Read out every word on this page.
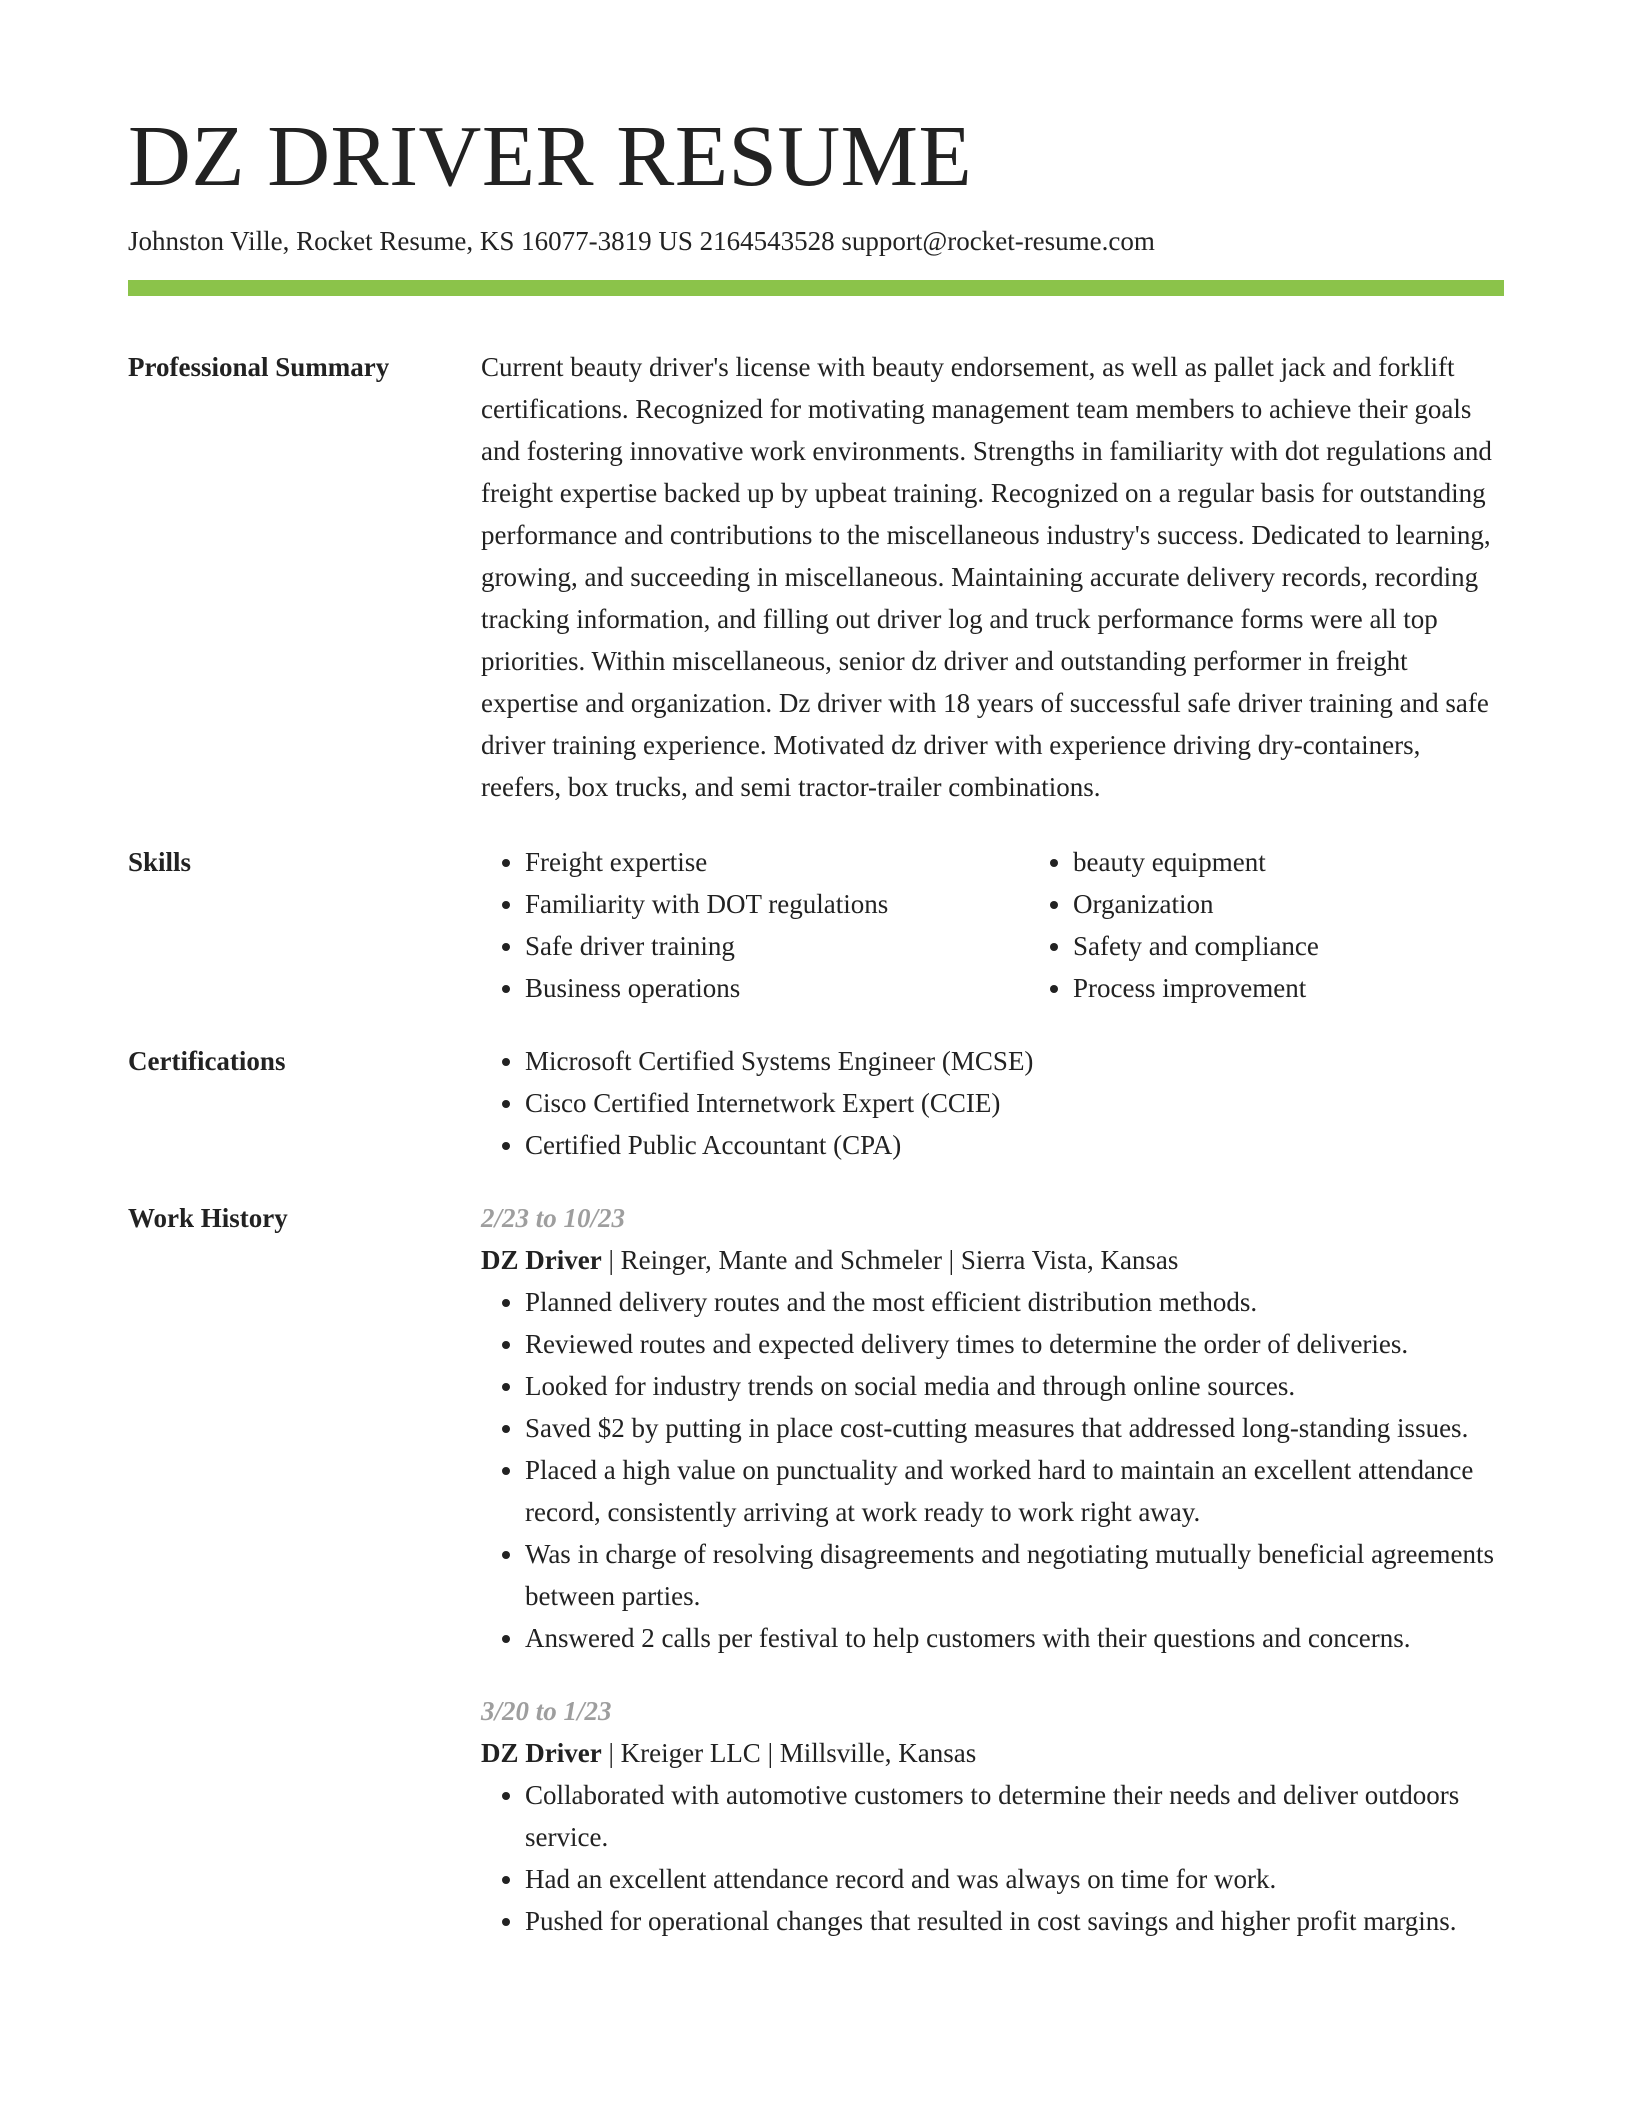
DZ DRIVER RESUME
Johnston Ville, Rocket Resume, KS 16077-3819 US 2164543528 support@rocket-resume.com
Professional Summary	Current beauty driver's license with beauty endorsement, as well as pallet jack and forklift certifications. Recognized for motivating management team members to achieve their goals and fostering innovative work environments. Strengths in familiarity with dot regulations and freight expertise backed up by upbeat training. Recognized on a regular basis for outstanding performance and contributions to the miscellaneous industry's success. Dedicated to learning, growing, and succeeding in miscellaneous. Maintaining accurate delivery records, recording tracking information, and filling out driver log and truck performance forms were all top priorities. Within miscellaneous, senior dz driver and outstanding performer in freight expertise and organization. Dz driver with 18 years of successful safe driver training and safe driver training experience. Motivated dz driver with experience driving dry-containers, reefers, box trucks, and semi tractor-trailer combinations.

Skills	• Freight expertise
• Familiarity with DOT regulations
• Safe driver training
• Business operations
• beauty equipment
• Organization
• Safety and compliance
• Process improvement
Certifications	• Microsoft Certified Systems Engineer (MCSE)
• Cisco Certified Internetwork Expert (CCIE)
• Certified Public Accountant (CPA)
Work History	2/23 to 10/23
DZ Driver | Reinger, Mante and Schmeler | Sierra Vista, Kansas
• Planned delivery routes and the most efficient distribution methods.
• Reviewed routes and expected delivery times to determine the order of deliveries.
• Looked for industry trends on social media and through online sources.
• Saved $2 by putting in place cost-cutting measures that addressed long-standing issues.
• Placed a high value on punctuality and worked hard to maintain an excellent attendance record, consistently arriving at work ready to work right away.
• Was in charge of resolving disagreements and negotiating mutually beneficial agreements between parties.
• Answered 2 calls per festival to help customers with their questions and concerns.
3/20 to 1/23
DZ Driver | Kreiger LLC | Millsville, Kansas
• Collaborated with automotive customers to determine their needs and deliver outdoors service.
• Had an excellent attendance record and was always on time for work.
• Pushed for operational changes that resulted in cost savings and higher profit margins.
